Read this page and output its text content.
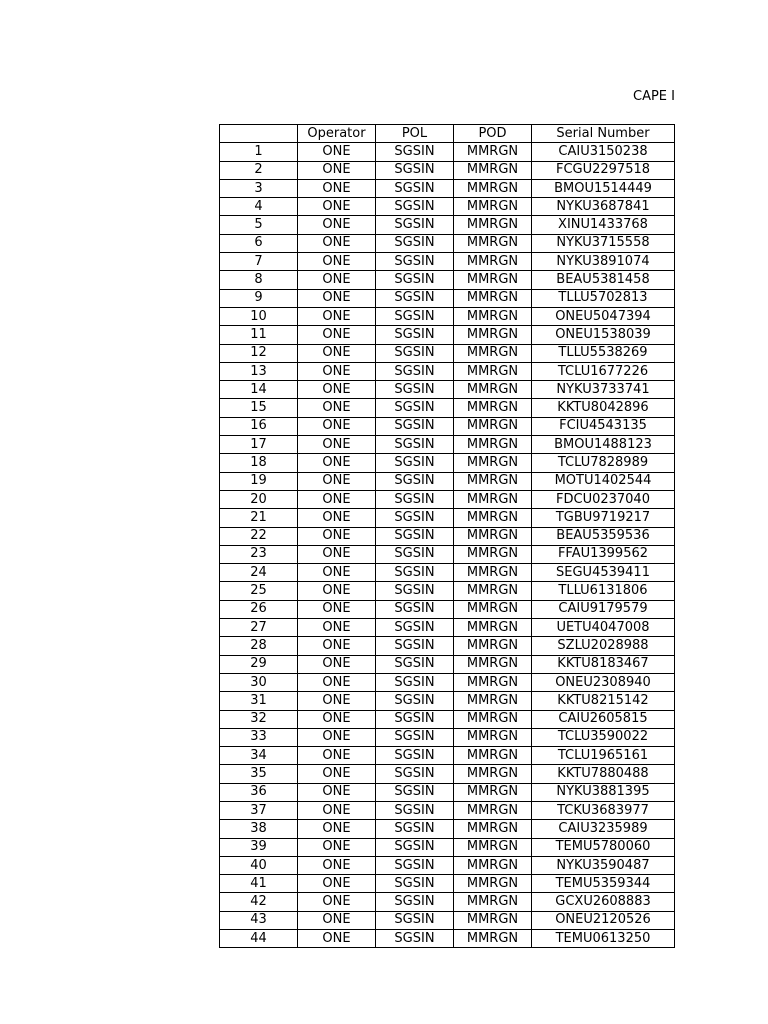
CAPE I
	Operator	POL	POD	Serial Number
1	ONE	SGSIN	MMRGN	CAIU3150238
2	ONE	SGSIN	MMRGN	FCGU2297518
3	ONE	SGSIN	MMRGN	BMOU1514449
4	ONE	SGSIN	MMRGN	NYKU3687841
5	ONE	SGSIN	MMRGN	XINU1433768
6	ONE	SGSIN	MMRGN	NYKU3715558
7	ONE	SGSIN	MMRGN	NYKU3891074
8	ONE	SGSIN	MMRGN	BEAU5381458
9	ONE	SGSIN	MMRGN	TLLU5702813
10	ONE	SGSIN	MMRGN	ONEU5047394
11	ONE	SGSIN	MMRGN	ONEU1538039
12	ONE	SGSIN	MMRGN	TLLU5538269
13	ONE	SGSIN	MMRGN	TCLU1677226
14	ONE	SGSIN	MMRGN	NYKU3733741
15	ONE	SGSIN	MMRGN	KKTU8042896
16	ONE	SGSIN	MMRGN	FCIU4543135
17	ONE	SGSIN	MMRGN	BMOU1488123
18	ONE	SGSIN	MMRGN	TCLU7828989
19	ONE	SGSIN	MMRGN	MOTU1402544
20	ONE	SGSIN	MMRGN	FDCU0237040
21	ONE	SGSIN	MMRGN	TGBU9719217
22	ONE	SGSIN	MMRGN	BEAU5359536
23	ONE	SGSIN	MMRGN	FFAU1399562
24	ONE	SGSIN	MMRGN	SEGU4539411
25	ONE	SGSIN	MMRGN	TLLU6131806
26	ONE	SGSIN	MMRGN	CAIU9179579
27	ONE	SGSIN	MMRGN	UETU4047008
28	ONE	SGSIN	MMRGN	SZLU2028988
29	ONE	SGSIN	MMRGN	KKTU8183467
30	ONE	SGSIN	MMRGN	ONEU2308940
31	ONE	SGSIN	MMRGN	KKTU8215142
32	ONE	SGSIN	MMRGN	CAIU2605815
33	ONE	SGSIN	MMRGN	TCLU3590022
34	ONE	SGSIN	MMRGN	TCLU1965161
35	ONE	SGSIN	MMRGN	KKTU7880488
36	ONE	SGSIN	MMRGN	NYKU3881395
37	ONE	SGSIN	MMRGN	TCKU3683977
38	ONE	SGSIN	MMRGN	CAIU3235989
39	ONE	SGSIN	MMRGN	TEMU5780060
40	ONE	SGSIN	MMRGN	NYKU3590487
41	ONE	SGSIN	MMRGN	TEMU5359344
42	ONE	SGSIN	MMRGN	GCXU2608883
43	ONE	SGSIN	MMRGN	ONEU2120526
44	ONE	SGSIN	MMRGN	TEMU0613250
